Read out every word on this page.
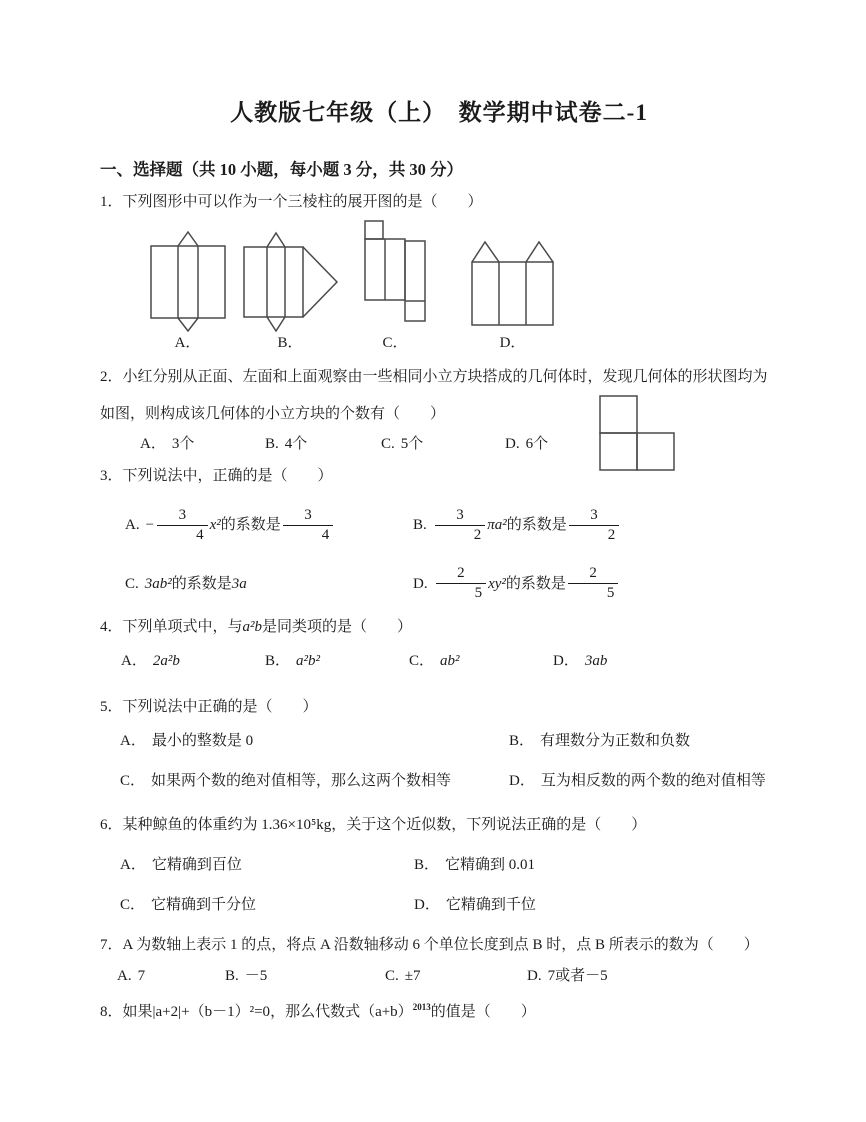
人教版七年级（上）　数学期中试卷二-1
一、选择题（共 10 小题，每小题 3 分，共 30 分）
1．下列图形中可以作为一个三棱柱的展开图的是（　　）
A．	B．	C．	D．
2．小红分别从正面、左面和上面观察由一些相同小立方块搭成的几何体时，发现几何体的形状图均为如图，则构成该几何体的小立方块的个数有（　　）
A． 3个	B. 4个	C. 5个	D. 6个
3．下列说法中，正确的是（　　）
A. − $\frac{3}{4} x^2$ 的系数是 $\frac{3}{4}$	B. $\frac{3}{2} \pi a^2$ 的系数是 $\frac{3}{2}$
C. 3ab² 的系数是 3a	D. $\frac{2}{5} xy^2$ 的系数是 $\frac{2}{5}$
4．下列单项式中，与a²b是同类项的是（　　）
A． 2a²b	B． a²b²	C． ab²	D． 3ab
5．下列说法中正确的是（　　）
A． 最小的整数是 0	B． 有理数分为正数和负数
C． 如果两个数的绝对值相等，那么这两个数相等	D． 互为相反数的两个数的绝对值相等
6．某种鲸鱼的体重约为 1.36×10⁵kg，关于这个近似数，下列说法正确的是（　　）
A． 它精确到百位	B． 它精确到 0.01
C． 它精确到千分位	D． 它精确到千位
7．A 为数轴上表示 1 的点，将点 A 沿数轴移动 6 个单位长度到点 B 时，点 B 所表示的数为（　　）
A. 7	B. －5	C. ±7	D. 7或者－5
8．如果|a+2|+（b－1）²=0，那么代数式$(a+b)^{2013}$的值是（　　）
